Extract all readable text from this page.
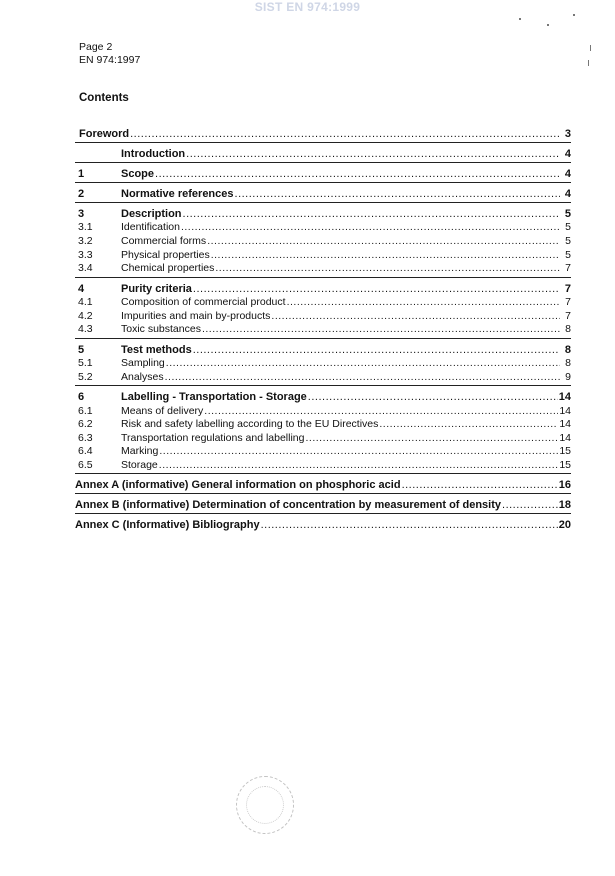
SIST EN 974:1999
Page 2
EN 974:1997
Contents
Foreword .....	3
Introduction .....	4
1	Scope .....	4
2	Normative references .....	4
3	Description .....	5
3.1	Identification .....	5
3.2	Commercial forms .....	5
3.3	Physical properties .....	5
3.4	Chemical properties .....	7
4	Purity criteria .....	7
4.1	Composition of commercial product .....	7
4.2	Impurities and main by-products .....	7
4.3	Toxic substances .....	8
5	Test methods .....	8
5.1	Sampling .....	8
5.2	Analyses .....	9
6	Labelling - Transportation - Storage .....	14
6.1	Means of delivery .....	14
6.2	Risk and safety labelling according to the EU Directives .....	14
6.3	Transportation regulations and labelling .....	14
6.4	Marking .....	15
6.5	Storage .....	15
Annex A (informative) General information on phosphoric acid .....	16
Annex B (informative) Determination of concentration by measurement of density .....	18
Annex C (Informative) Bibliography .....	20
